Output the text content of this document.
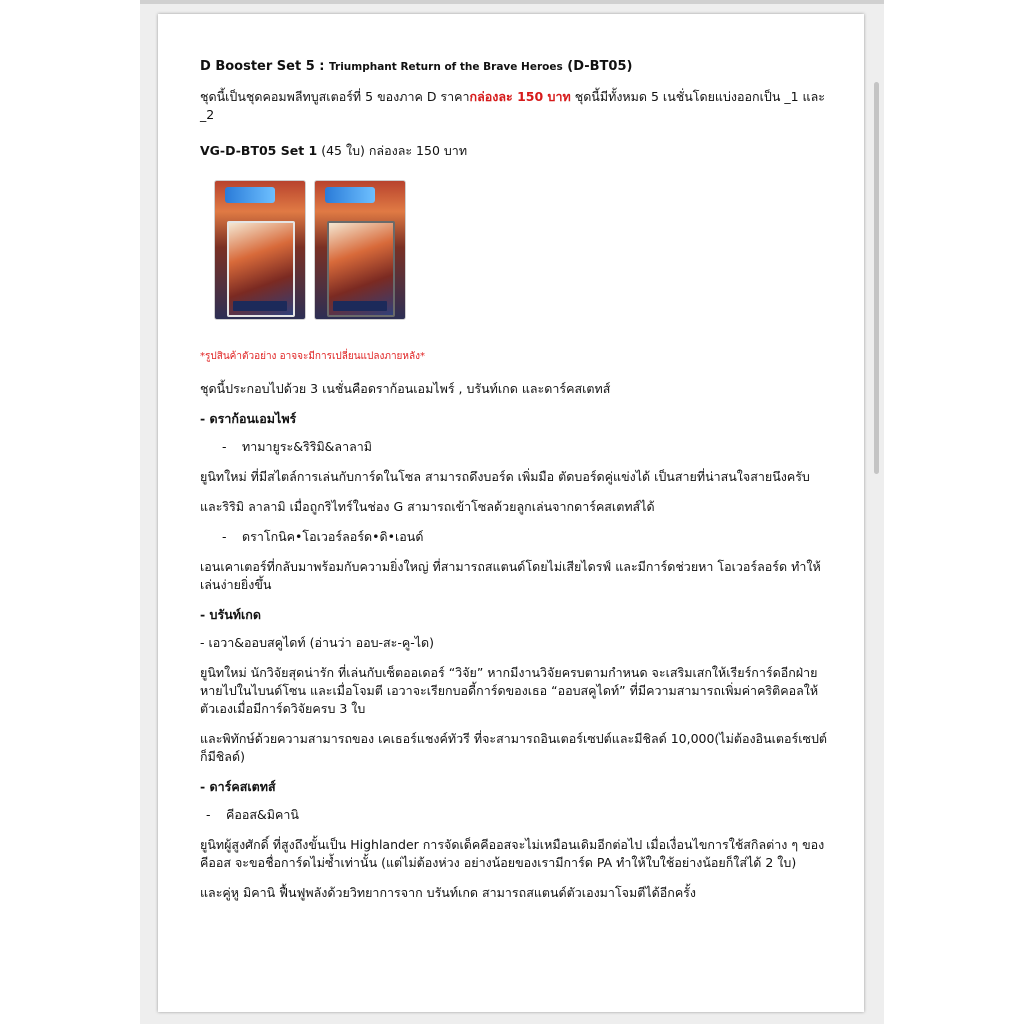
D Booster Set 5 : Triumphant Return of the Brave Heroes (D-BT05)

ชุดนี้เป็นชุดคอมพลีทบูสเตอร์ที่ 5 ของภาค D ราคากล่องละ 150 บาท ชุดนี้มีทั้งหมด 5 เนชั่นโดยแบ่งออกเป็น _1 และ _2

VG-D-BT05 Set 1 (45 ใบ) กล่องละ 150 บาท

*รูปสินค้าตัวอย่าง อาจจะมีการเปลี่ยนแปลงภายหลัง*

ชุดนี้ประกอบไปด้วย 3 เนชั่นคือดราก้อนเอมไพร์ , บรันท์เกด และดาร์คสเตทส์

- ดราก้อนเอมไพร์

- ทามายูระ&ริริมิ&ลาลามิ

ยูนิทใหม่ ที่มีสไตล์การเล่นกับการ์ดในโซล สามารถดึงบอร์ด เพิ่มมือ ตัดบอร์ดคู่แข่งได้ เป็นสายที่น่าสนใจสายนึงครับ

และริริมิ ลาลามิ เมื่อถูกริไทร์ในช่อง G สามารถเข้าโซลด้วยลูกเล่นจากดาร์คสเตทส์ได้

- ดราโกนิค•โอเวอร์ลอร์ด•ดิ•เอนด์

เอนเคาเตอร์ที่กลับมาพร้อมกับความยิ่งใหญ่ ที่สามารถสแตนด์โดยไม่เสียไดรฟ์ และมีการ์ดช่วยหา โอเวอร์ลอร์ด ทำให้เล่นง่ายยิ่งขึ้น

- บรันท์เกด

- เอวา&ออบสคูไดท์ (อ่านว่า ออบ-สะ-คู-ได)

ยูนิทใหม่ นักวิจัยสุดน่ารัก ที่เล่นกับเซ็ตออเดอร์ “วิจัย” หากมีงานวิจัยครบตามกำหนด จะเสริมเสกให้เรียร์การ์ดอีกฝ่ายหายไปในไบนด์โซน และเมื่อโจมตี เอวาจะเรียกบอดี้การ์ดของเธอ “ออบสคูไดท์” ที่มีความสามารถเพิ่มค่าคริติคอลให้ตัวเองเมื่อมีการ์ดวิจัยครบ 3 ใบ

และพิทักษ์ด้วยความสามารถของ เคเธอร์แชงค์ทัวรี ที่จะสามารถอินเตอร์เซปต์และมีชิลด์ 10,000(ไม่ต้องอินเตอร์เซปต์ก็มีชิลด์)

- ดาร์คสเตทส์

- คีออส&มิคานิ

ยูนิทผู้สูงศักดิ์ ที่สูงถึงขั้นเป็น Highlander การจัดเด็คคีออสจะไม่เหมือนเดิมอีกต่อไป เมื่อเงื่อนไขการใช้สกิลต่าง ๆ ของคีออส จะขอชื่อการ์ดไม่ซ้ำเท่านั้น (แต่ไม่ต้องห่วง อย่างน้อยของเรามีการ์ด PA ทำให้ใบใช้อย่างน้อยก็ใส่ได้ 2 ใบ)

และคู่หู มิคานิ ฟื้นฟูพลังด้วยวิทยาการจาก บรันท์เกด สามารถสแตนด์ตัวเองมาโจมตีได้อีกครั้ง
